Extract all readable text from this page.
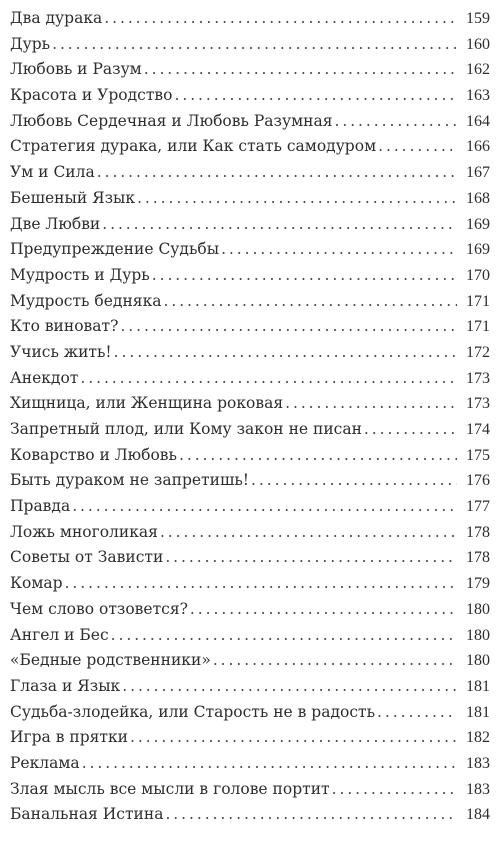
Два дурака . . .	159
Дурь . . .	160
Любовь и Разум . . .	162
Красота и Уродство . . .	163
Любовь Сердечная и Любовь Разумная . . .	164
Стратегия дурака, или Как стать самодуром . . .	166
Ум и Сила . . .	167
Бешеный Язык . . .	168
Две Любви . . .	169
Предупреждение Судьбы . . .	169
Мудрость и Дурь . . .	170
Мудрость бедняка . . .	171
Кто виноват? . . .	171
Учись жить! . . .	172
Анекдот . . .	173
Хищница, или Женщина роковая . . .	173
Запретный плод, или Кому закон не писан . . .	174
Коварство и Любовь . . .	175
Быть дураком не запретишь! . . .	176
Правда . . .	177
Ложь многоликая . . .	178
Советы от Зависти . . .	178
Комар . . .	179
Чем слово отзовется? . . .	180
Ангел и Бес . . .	180
«Бедные родственники» . . .	180
Глаза и Язык . . .	181
Судьба-злодейка, или Старость не в радость . . .	181
Игра в прятки . . .	182
Реклама . . .	183
Злая мысль все мысли в голове портит . . .	183
Банальная Истина . . .	184
